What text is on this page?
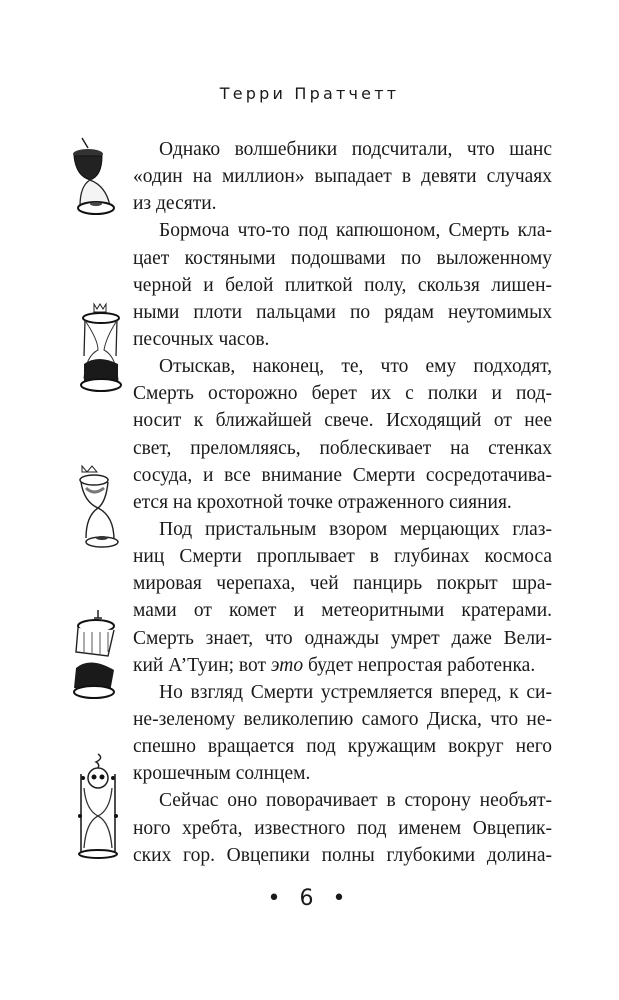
Терри Пратчетт
Однако волшебники подсчитали, что шанс
«один на миллион» выпадает в девяти случаях
из десяти.
Бормоча что-то под капюшоном, Смерть кла-
цает костяными подошвами по выложенному
черной и белой плиткой полу, скользя лишен-
ными плоти пальцами по рядам неутомимых
песочных часов.
Отыскав, наконец, те, что ему подходят,
Смерть осторожно берет их с полки и под-
носит к ближайшей свече. Исходящий от нее
свет, преломляясь, поблескивает на стенках
сосуда, и все внимание Смерти сосредотачива-
ется на крохотной точке отраженного сияния.
Под пристальным взором мерцающих глаз-
ниц Смерти проплывает в глубинах космоса
мировая черепаха, чей панцирь покрыт шра-
мами от комет и метеоритными кратерами.
Смерть знает, что однажды умрет даже Вели-
кий А’Туин; вот это будет непростая работенка.
Но взгляд Смерти устремляется вперед, к си-
не-зеленому великолепию самого Диска, что не-
спешно вращается под кружащим вокруг него
крошечным солнцем.
Сейчас оно поворачивает в сторону необъят-
ного хребта, известного под именем Овцепик-
ских гор. Овцепики полны глубокими долина-
• 6 •
